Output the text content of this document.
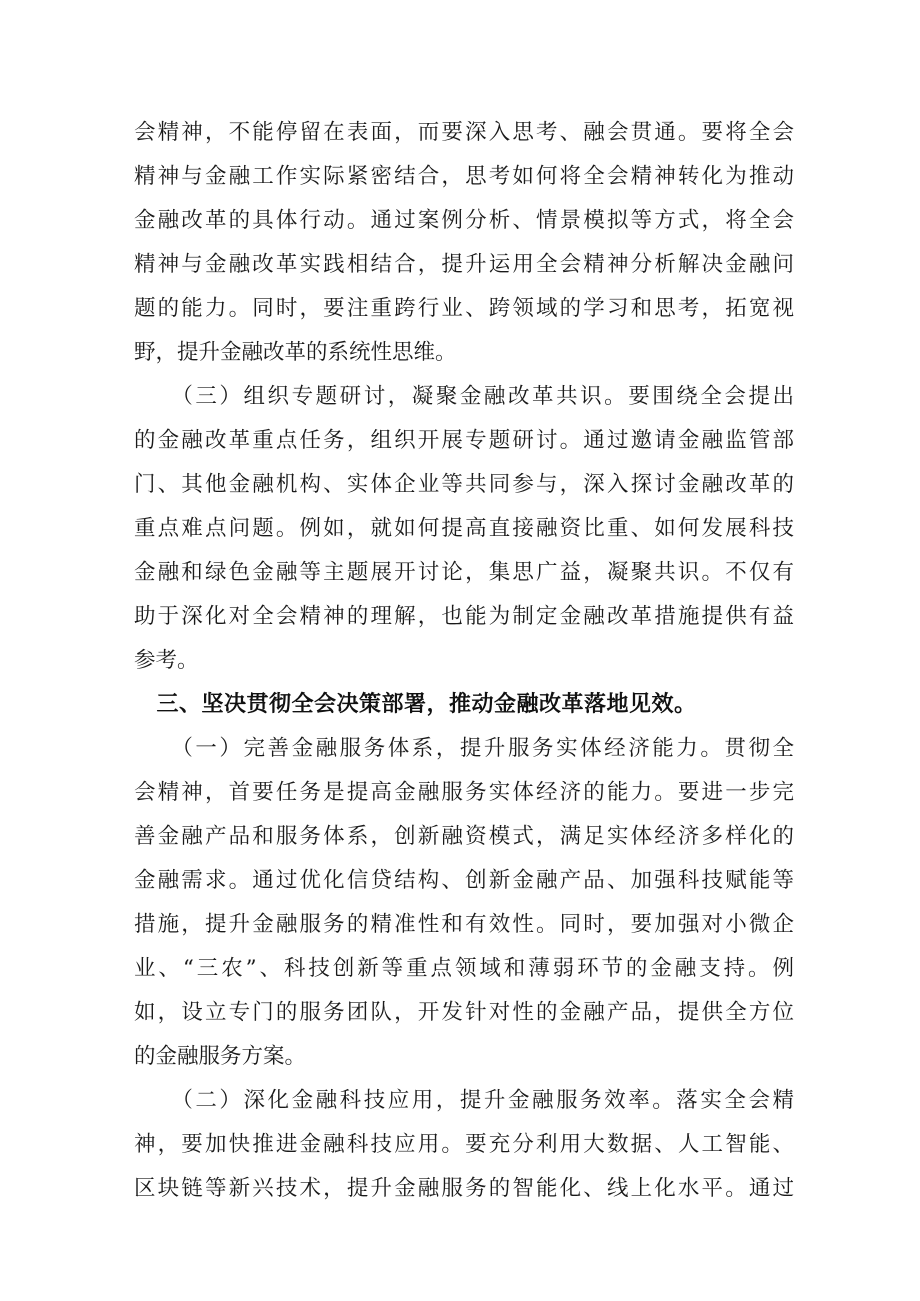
会精神，不能停留在表面，而要深入思考、融会贯通。要将全会
精神与金融工作实际紧密结合，思考如何将全会精神转化为推动
金融改革的具体行动。通过案例分析、情景模拟等方式，将全会
精神与金融改革实践相结合，提升运用全会精神分析解决金融问
题的能力。同时，要注重跨行业、跨领域的学习和思考，拓宽视
野，提升金融改革的系统性思维。
　　（三）组织专题研讨，凝聚金融改革共识。要围绕全会提出
的金融改革重点任务，组织开展专题研讨。通过邀请金融监管部
门、其他金融机构、实体企业等共同参与，深入探讨金融改革的
重点难点问题。例如，就如何提高直接融资比重、如何发展科技
金融和绿色金融等主题展开讨论，集思广益，凝聚共识。不仅有
助于深化对全会精神的理解，也能为制定金融改革措施提供有益
参考。
　三、坚决贯彻全会决策部署，推动金融改革落地见效。
　　（一）完善金融服务体系，提升服务实体经济能力。贯彻全
会精神，首要任务是提高金融服务实体经济的能力。要进一步完
善金融产品和服务体系，创新融资模式，满足实体经济多样化的
金融需求。通过优化信贷结构、创新金融产品、加强科技赋能等
措施，提升金融服务的精准性和有效性。同时，要加强对小微企
业、“三农”、科技创新等重点领域和薄弱环节的金融支持。例
如，设立专门的服务团队，开发针对性的金融产品，提供全方位
的金融服务方案。
　　（二）深化金融科技应用，提升金融服务效率。落实全会精
神，要加快推进金融科技应用。要充分利用大数据、人工智能、
区块链等新兴技术，提升金融服务的智能化、线上化水平。通过
